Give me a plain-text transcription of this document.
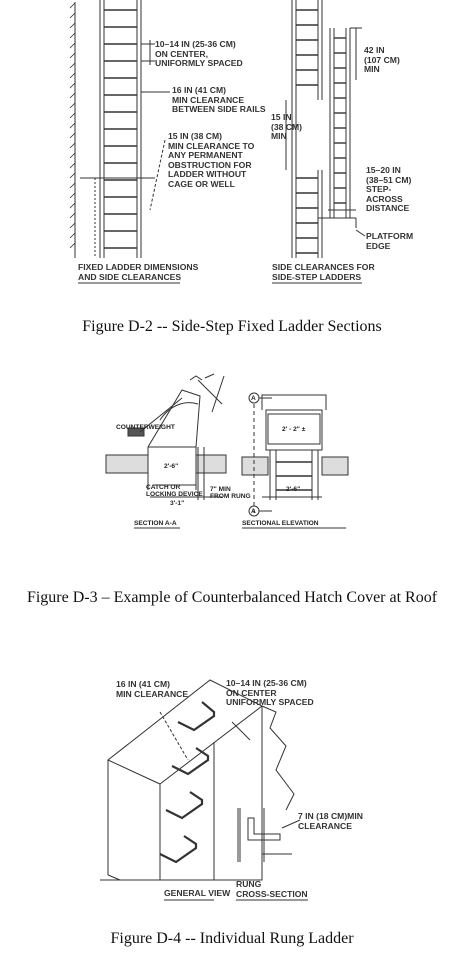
10–14 IN (25-36 CM)
ON CENTER,
UNIFORMLY SPACED
16 IN (41 CM)
MIN CLEARANCE
BETWEEN SIDE RAILS
15 IN (38 CM)
MIN CLEARANCE TO
ANY PERMANENT
OBSTRUCTION FOR
LADDER WITHOUT
CAGE OR WELL
42 IN
(107 CM)
MIN
15 IN
(38 CM)
MIN
15–20 IN
(38–51 CM)
STEP-
ACROSS
DISTANCE
PLATFORM
EDGE
FIXED LADDER DIMENSIONS
AND SIDE CLEARANCES
SIDE CLEARANCES FOR
SIDE-STEP LADDERS
Figure D-2 -- Side-Step Fixed Ladder Sections
COUNTERWEIGHT
CATCH OR
LOCKING DEVICE
7" MIN
FROM RUNG
2'-6"
3'-1"
2' - 2" ±
2'-6"
A
A
SECTION A-A	SECTIONAL ELEVATION
Figure D-3 – Example of Counterbalanced Hatch Cover at Roof
16 IN (41 CM)
MIN CLEARANCE
10–14 IN (25-36 CM)
ON CENTER
UNIFORMLY SPACED
7 IN (18 CM)MIN
CLEARANCE
GENERAL VIEW
RUNG
CROSS-SECTION
Figure D-4 -- Individual Rung Ladder
